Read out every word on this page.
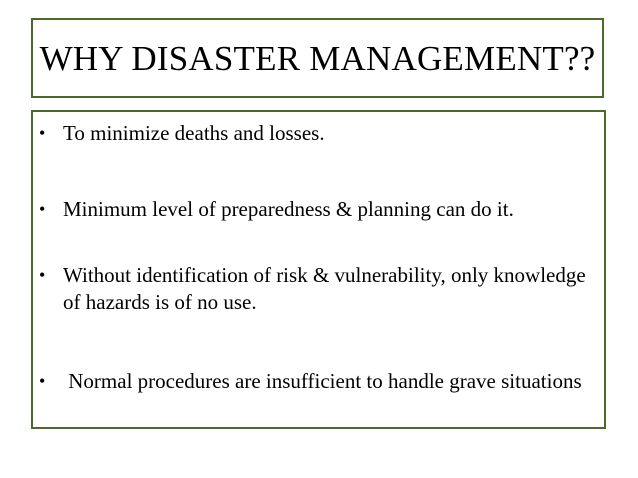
WHY DISASTER MANAGEMENT??
• To minimize deaths and losses.
• Minimum level of preparedness & planning can do it.
• Without identification of risk & vulnerability, only knowledge of hazards is of no use.
• Normal procedures are insufficient to handle grave situations
